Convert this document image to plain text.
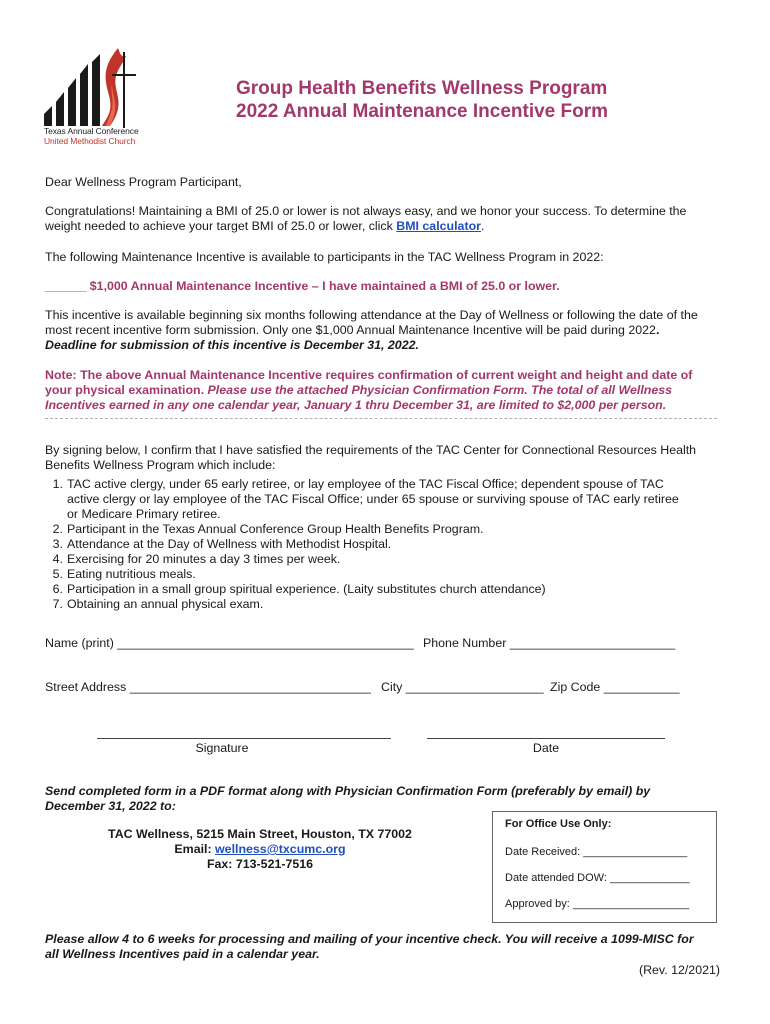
Texas Annual Conference
United Methodist Church
Group Health Benefits Wellness Program
2022 Annual Maintenance Incentive Form
Dear Wellness Program Participant,
Congratulations! Maintaining a BMI of 25.0 or lower is not always easy, and we honor your success. To determine the
weight needed to achieve your target BMI of 25.0 or lower, click BMI calculator.
The following Maintenance Incentive is available to participants in the TAC Wellness Program in 2022:
______ $1,000 Annual Maintenance Incentive – I have maintained a BMI of 25.0 or lower.
This incentive is available beginning six months following attendance at the Day of Wellness or following the date of the
most recent incentive form submission. Only one $1,000 Annual Maintenance Incentive will be paid during 2022.
Deadline for submission of this incentive is December 31, 2022.
Note: The above Annual Maintenance Incentive requires confirmation of current weight and height and date of
your physical examination. Please use the attached Physician Confirmation Form. The total of all Wellness
Incentives earned in any one calendar year, January 1 thru December 31, are limited to $2,000 per person.
By signing below, I confirm that I have satisfied the requirements of the TAC Center for Connectional Resources Health
Benefits Wellness Program which include:
1. TAC active clergy, under 65 early retiree, or lay employee of the TAC Fiscal Office; dependent spouse of TAC
active clergy or lay employee of the TAC Fiscal Office; under 65 spouse or surviving spouse of TAC early retiree
or Medicare Primary retiree.
2. Participant in the Texas Annual Conference Group Health Benefits Program.
3. Attendance at the Day of Wellness with Methodist Hospital.
4. Exercising for 20 minutes a day 3 times per week.
5. Eating nutritious meals.
6. Participation in a small group spiritual experience. (Laity substitutes church attendance)
7. Obtaining an annual physical exam.
Name (print) ___________________________________________ Phone Number ________________________
Street Address ___________________________________ City ____________________ Zip Code ___________
Signature	Date
Send completed form in a PDF format along with Physician Confirmation Form (preferably by email) by
December 31, 2022 to:
TAC Wellness, 5215 Main Street, Houston, TX 77002
Email: wellness@txcumc.org
Fax: 713-521-7516
For Office Use Only:
Date Received: _________________
Date attended DOW: _____________
Approved by: ___________________
Please allow 4 to 6 weeks for processing and mailing of your incentive check. You will receive a 1099-MISC for
all Wellness Incentives paid in a calendar year.
(Rev. 12/2021)
